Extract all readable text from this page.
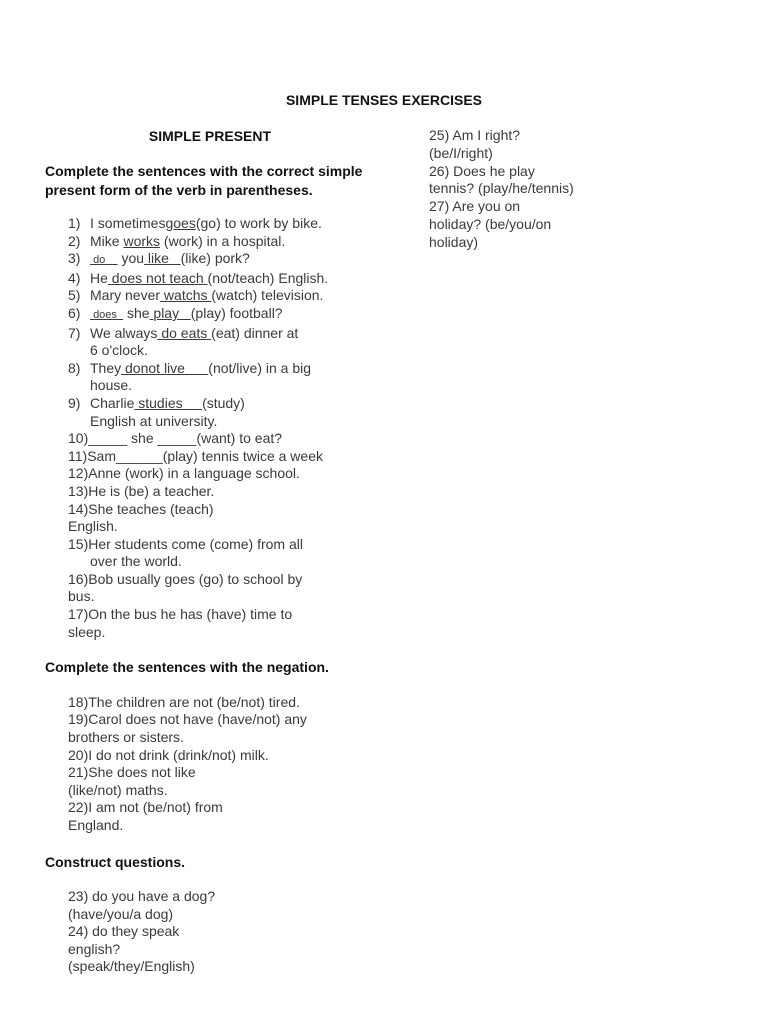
SIMPLE TENSES EXERCISES
SIMPLE PRESENT
Complete the sentences with the correct simple present form of the verb in parentheses.
1) I sometimesgoes(go) to work by bike.
2) Mike works (work) in a hospital.
3) do you like (like) pork?
4) He does not teach (not/teach) English.
5) Mary never watchs (watch) television.
6) does she play (play) football?
7) We always do eats (eat) dinner at
6 o'clock.
8) They donot live (not/live) in a big
house.
9) Charlie studies (study)
English at university.
10)_____ she _____(want) to eat?
11)Sam______(play) tennis twice a week
12)Anne (work) in a language school.
13)He is (be) a teacher.
14)She teaches (teach)
English.
15)Her students come (come) from all
over the world.
16)Bob usually goes (go) to school by
bus.
17)On the bus he has (have) time to
sleep.
Complete the sentences with the negation.
18)The children are not (be/not) tired.
19)Carol does not have (have/not) any
brothers or sisters.
20)I do not drink (drink/not) milk.
21)She does not like
(like/not) maths.
22)I am not (be/not) from
England.
Construct questions.
23) do you have a dog?
(have/you/a dog)
24) do they speak
english?
(speak/they/English)
25) Am I right?
(be/I/right)
26) Does he play
tennis? (play/he/tennis)
27) Are you on
holiday? (be/you/on
holiday)
